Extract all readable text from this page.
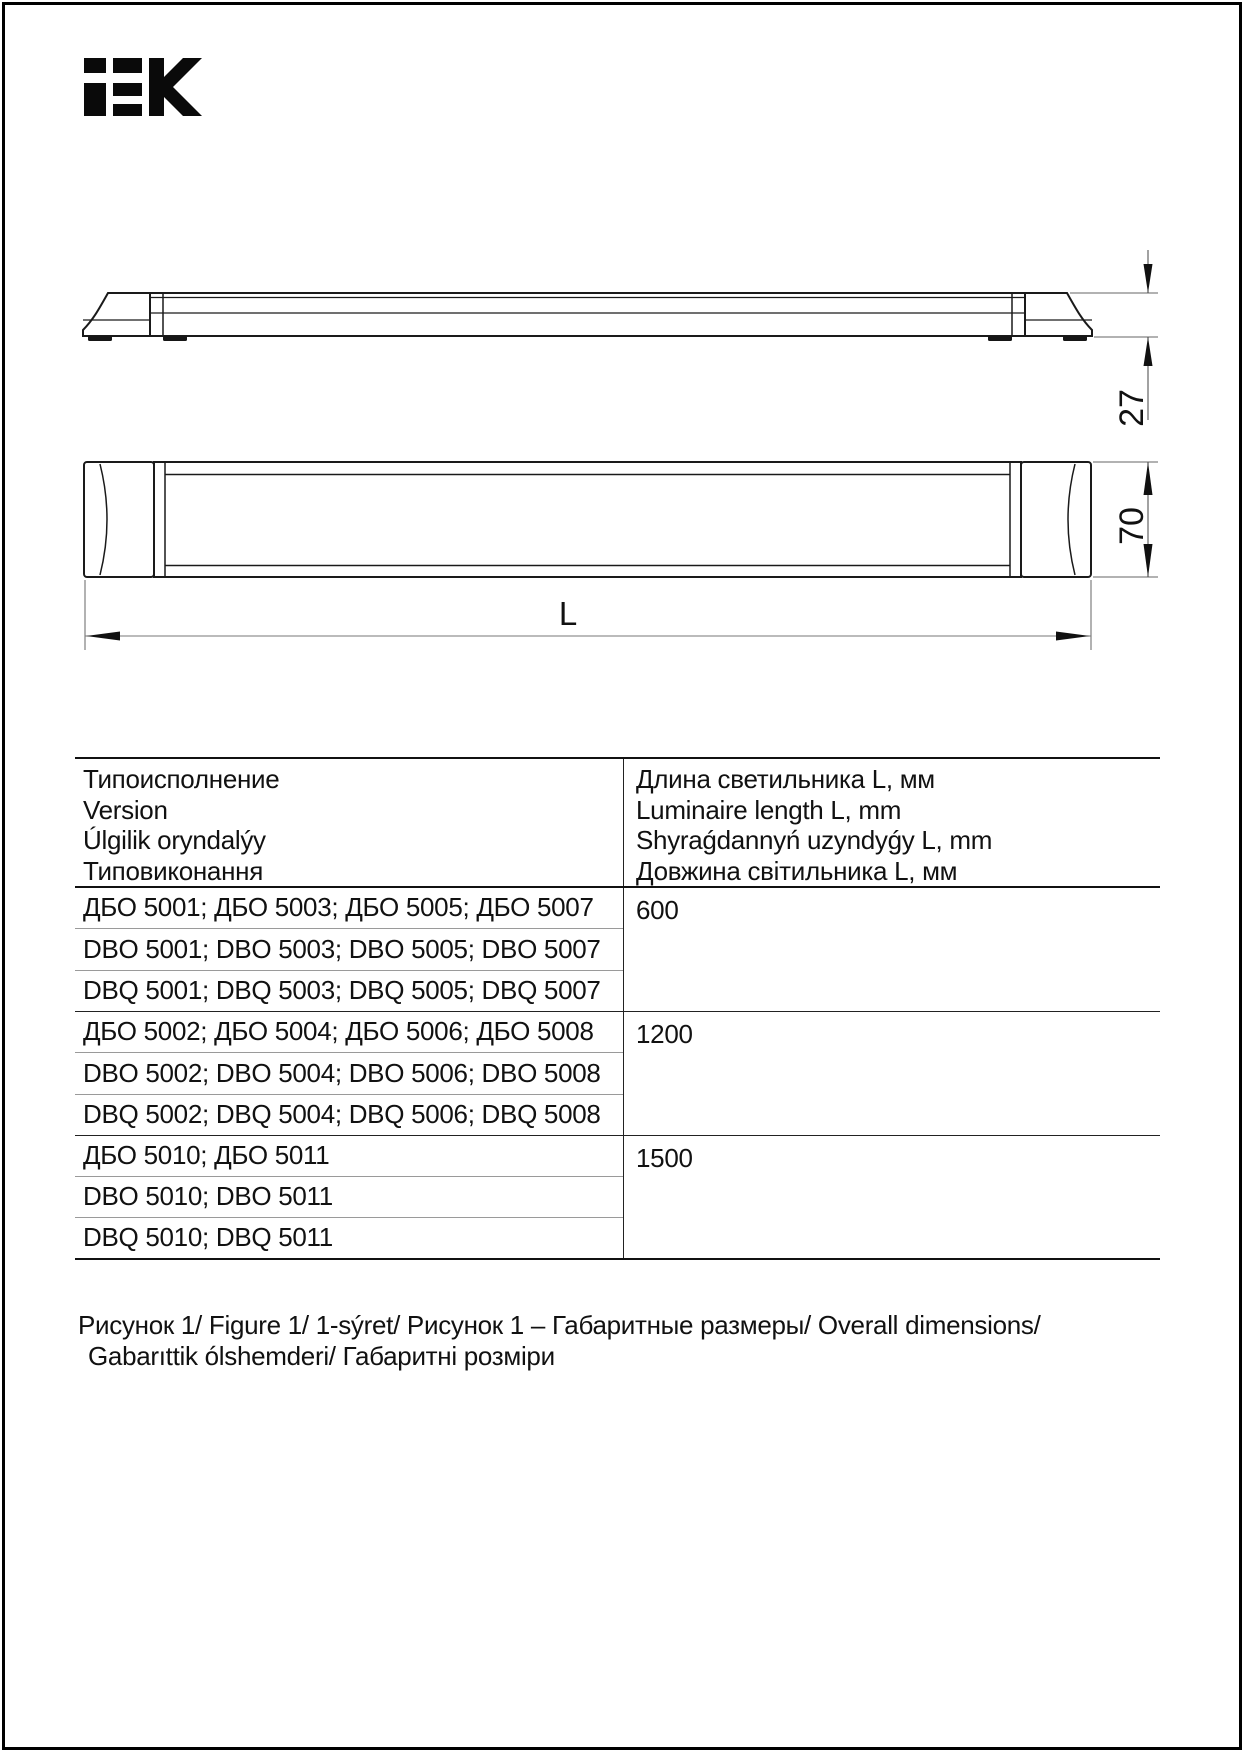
27
70
L
Типоисполнение
Version
Úlgilik oryndalýy
Типовиконання
Длина светильника L, мм
Luminaire length L, mm
Shyraǵdannyń uzyndyǵy L, mm
Довжина світильника L, мм
ДБО 5001; ДБО 5003; ДБО 5005; ДБО 5007
DBO 5001; DBO 5003; DBO 5005; DBO 5007
DBQ 5001; DBQ 5003; DBQ 5005; DBQ 5007
600
ДБО 5002; ДБО 5004; ДБО 5006; ДБО 5008
DBO 5002; DBO 5004; DBO 5006; DBO 5008
DBQ 5002; DBQ 5004; DBQ 5006; DBQ 5008
1200
ДБО 5010; ДБО 5011
DBO 5010; DBO 5011
DBQ 5010; DBQ 5011
1500
Рисунок 1/ Figure 1/ 1-sýret/ Рисунок 1 – Габаритные размеры/ Overall dimensions/
Gabarıttik ólshemderi/ Габаритні розміри
